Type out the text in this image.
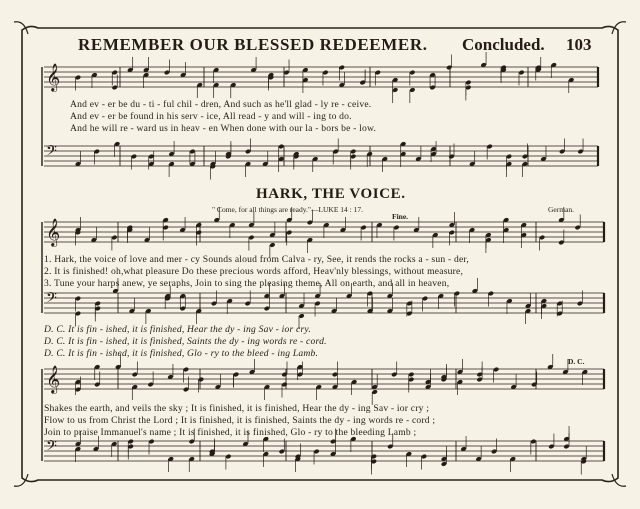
REMEMBER OUR BLESSED REDEEMER. Concluded. 103
𝄞
𝄢
𝄞
𝄢
𝄞
𝄢
And ev - er be du - ti - ful chil - dren, And such as he'll glad - ly re - ceive.
And ev - er be found in his serv - ice, All read - y and will - ing to do.
And he will re - ward us in heav - en When done with our la - bors be - low.
HARK, THE VOICE.
" Come, for all things are ready."—LUKE 14 : 17.	German.
Fine.
1. Hark, the voice of love and mer - cy Sounds aloud from Calva - ry, See, it rends the rocks a - sun - der,
2. It is finished! oh,what pleasure Do these precious words afford, Heav'nly blessings, without measure,
3. Tune your harps anew, ye seraphs, Join to sing the pleasing theme, All on earth, and all in heaven,
D. C. It is fin - ished, it is finished, Hear the dy - ing Sav - ior cry.
D. C. It is fin - ished, it is finished, Saints the dy - ing words re - cord.
D. C. It is fin - ished, it is finished, Glo - ry to the bleed - ing Lamb.
D. C.
Shakes the earth, and veils the sky ; It is finished, it is finished, Hear the dy - ing Sav - ior cry ;
Flow to us from Christ the Lord ; It is finished, it is finished, Saints the dy - ing words re - cord ;
Join to praise Immanuel's name ; It is finished, it is finished, Glo - ry to the bleeding Lamb ;
